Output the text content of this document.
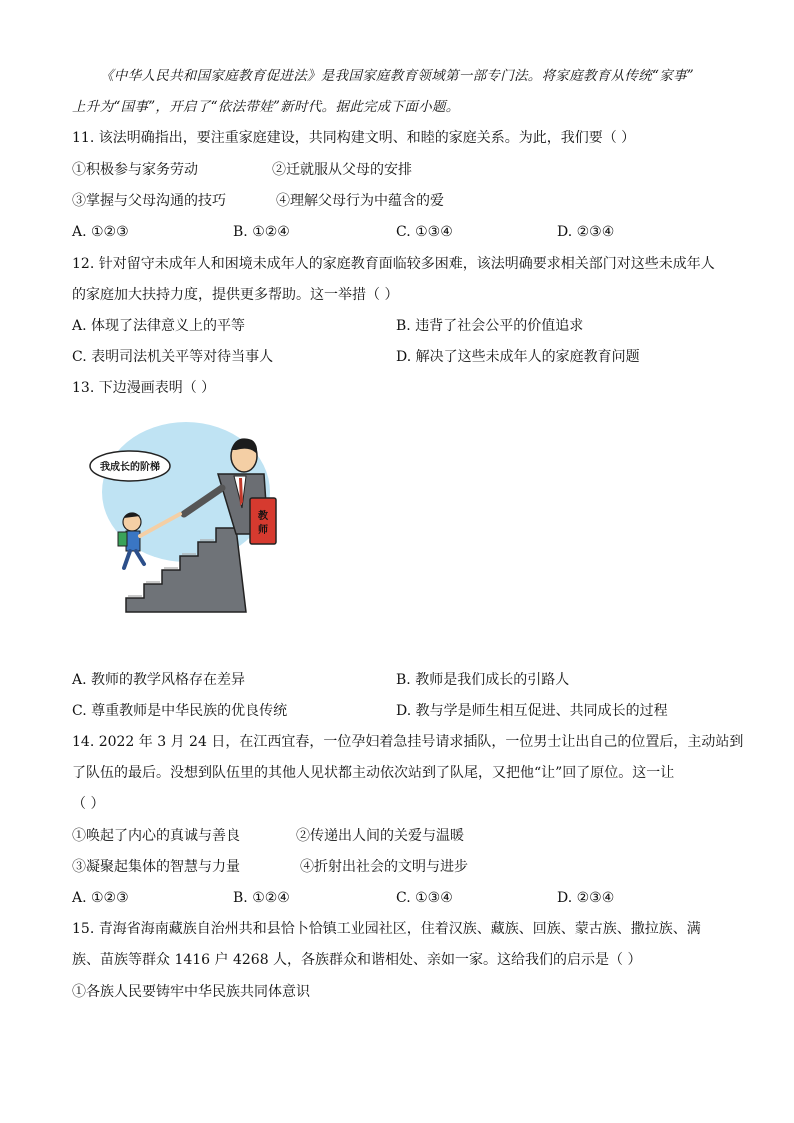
《中华人民共和国家庭教育促进法》是我国家庭教育领域第一部专门法。将家庭教育从传统“家事”
上升为“国事”，开启了“依法带娃”新时代。据此完成下面小题。
11. 该法明确指出，要注重家庭建设，共同构建文明、和睦的家庭关系。为此，我们要（ ）
①积极参与家务劳动	②迁就服从父母的安排
③掌握与父母沟通的技巧	④理解父母行为中蕴含的爱
A. ①②③	B. ①②④	C. ①③④	D. ②③④
12. 针对留守未成年人和困境未成年人的家庭教育面临较多困难，该法明确要求相关部门对这些未成年人
的家庭加大扶持力度，提供更多帮助。这一举措（ ）
A. 体现了法律意义上的平等	B. 违背了社会公平的价值追求
C. 表明司法机关平等对待当事人	D. 解决了这些未成年人的家庭教育问题
13. 下边漫画表明（ ）
教
师
我成长的阶梯
A. 教师的教学风格存在差异	B. 教师是我们成长的引路人
C. 尊重教师是中华民族的优良传统	D. 教与学是师生相互促进、共同成长的过程
14. 2022 年 3 月 24 日，在江西宜春，一位孕妇着急挂号请求插队，一位男士让出自己的位置后，主动站到
了队伍的最后。没想到队伍里的其他人见状都主动依次站到了队尾，又把他“让”回了原位。这一让
（ ）
①唤起了内心的真诚与善良	②传递出人间的关爱与温暖
③凝聚起集体的智慧与力量	④折射出社会的文明与进步
A. ①②③	B. ①②④	C. ①③④	D. ②③④
15. 青海省海南藏族自治州共和县恰卜恰镇工业园社区，住着汉族、藏族、回族、蒙古族、撒拉族、满
族、苗族等群众 1416 户 4268 人，各族群众和谐相处、亲如一家。这给我们的启示是（ ）
①各族人民要铸牢中华民族共同体意识
